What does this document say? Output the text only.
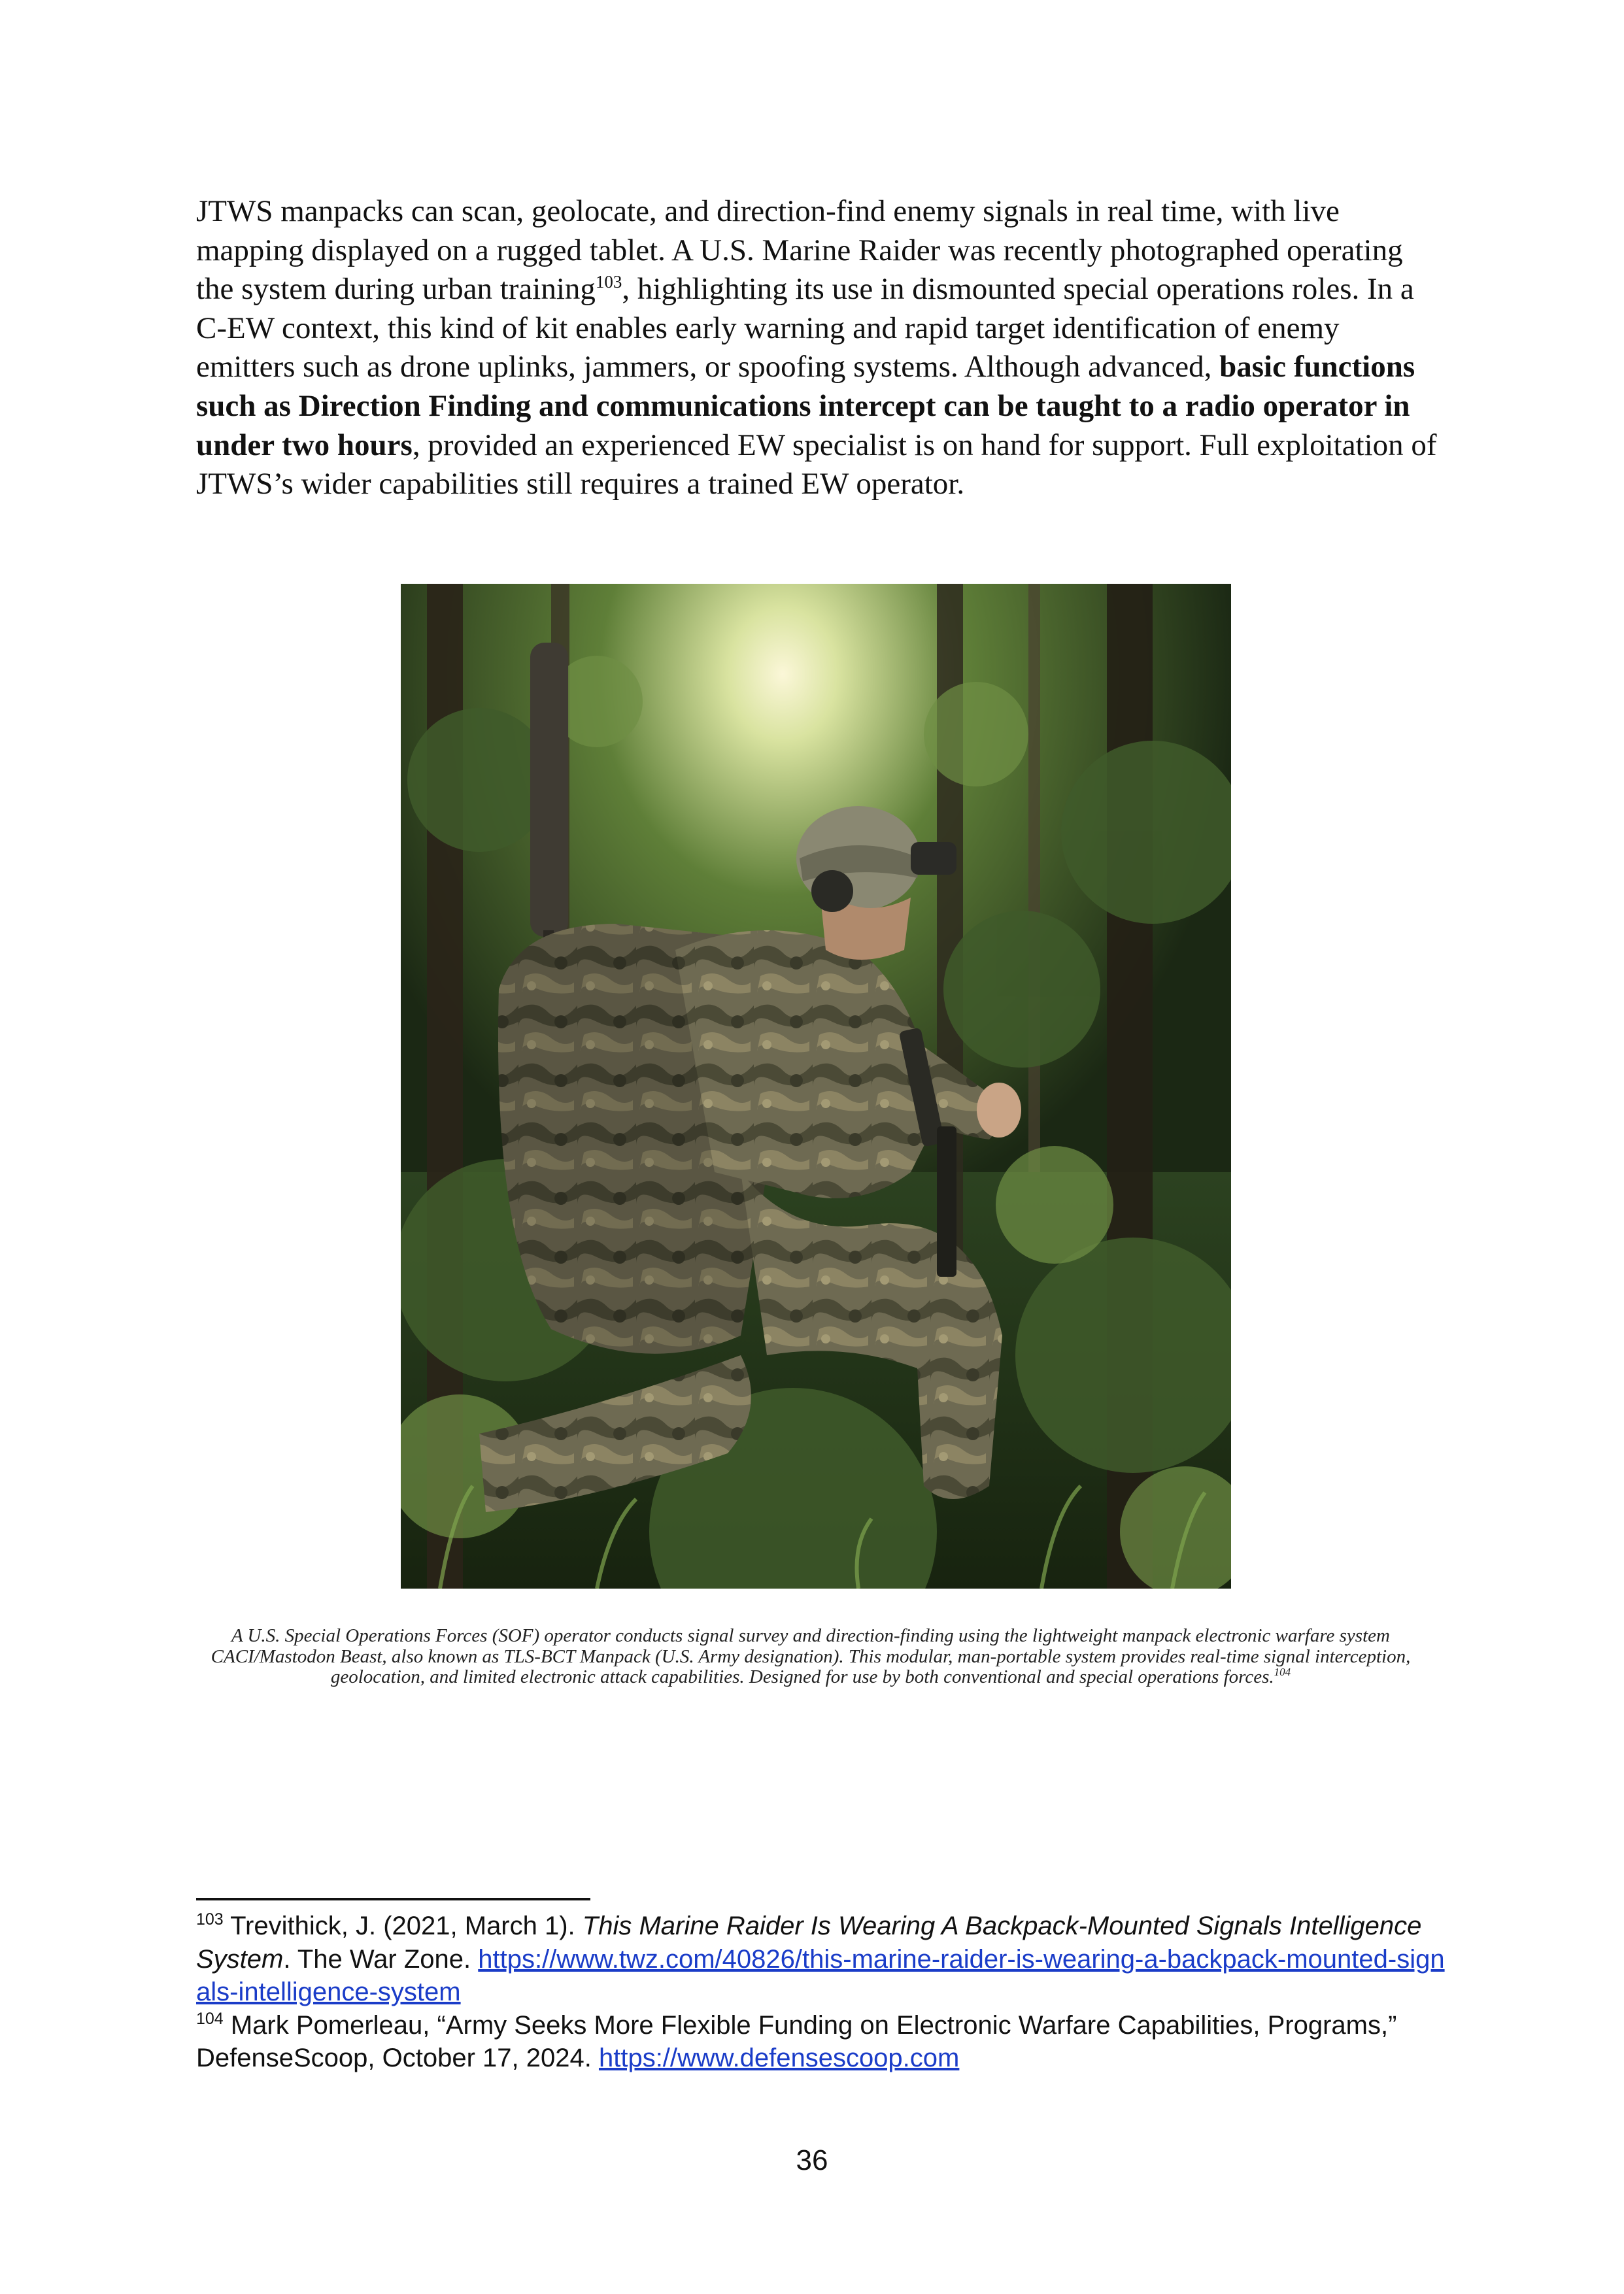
JTWS manpacks can scan, geolocate, and direction-find enemy signals in real time, with live mapping displayed on a rugged tablet. A U.S. Marine Raider was recently photographed operating the system during urban training$^{103}$, highlighting its use in dismounted special operations roles. In a C-EW context, this kind of kit enables early warning and rapid target identification of enemy emitters such as drone uplinks, jammers, or spoofing systems. Although advanced, basic functions such as Direction Finding and communications intercept can be taught to a radio operator in under two hours, provided an experienced EW specialist is on hand for support. Full exploitation of JTWS’s wider capabilities still requires a trained EW operator.

A U.S. Special Operations Forces (SOF) operator conducts signal survey and direction-finding using the lightweight manpack electronic warfare system CACI/Mastodon Beast, also known as TLS-BCT Manpack (U.S. Army designation). This modular, man-portable system provides real-time signal interception, geolocation, and limited electronic attack capabilities. Designed for use by both conventional and special operations forces.$^{104}$

$^{103}$ Trevithick, J. (2021, March 1). This Marine Raider Is Wearing A Backpack-Mounted Signals Intelligence System. The War Zone. https://www.twz.com/40826/this-marine-raider-is-wearing-a-backpack-mounted-signals-intelligence-system

$^{104}$ Mark Pomerleau, “Army Seeks More Flexible Funding on Electronic Warfare Capabilities, Programs,” DefenseScoop, October 17, 2024. https://www.defensescoop.com

36
